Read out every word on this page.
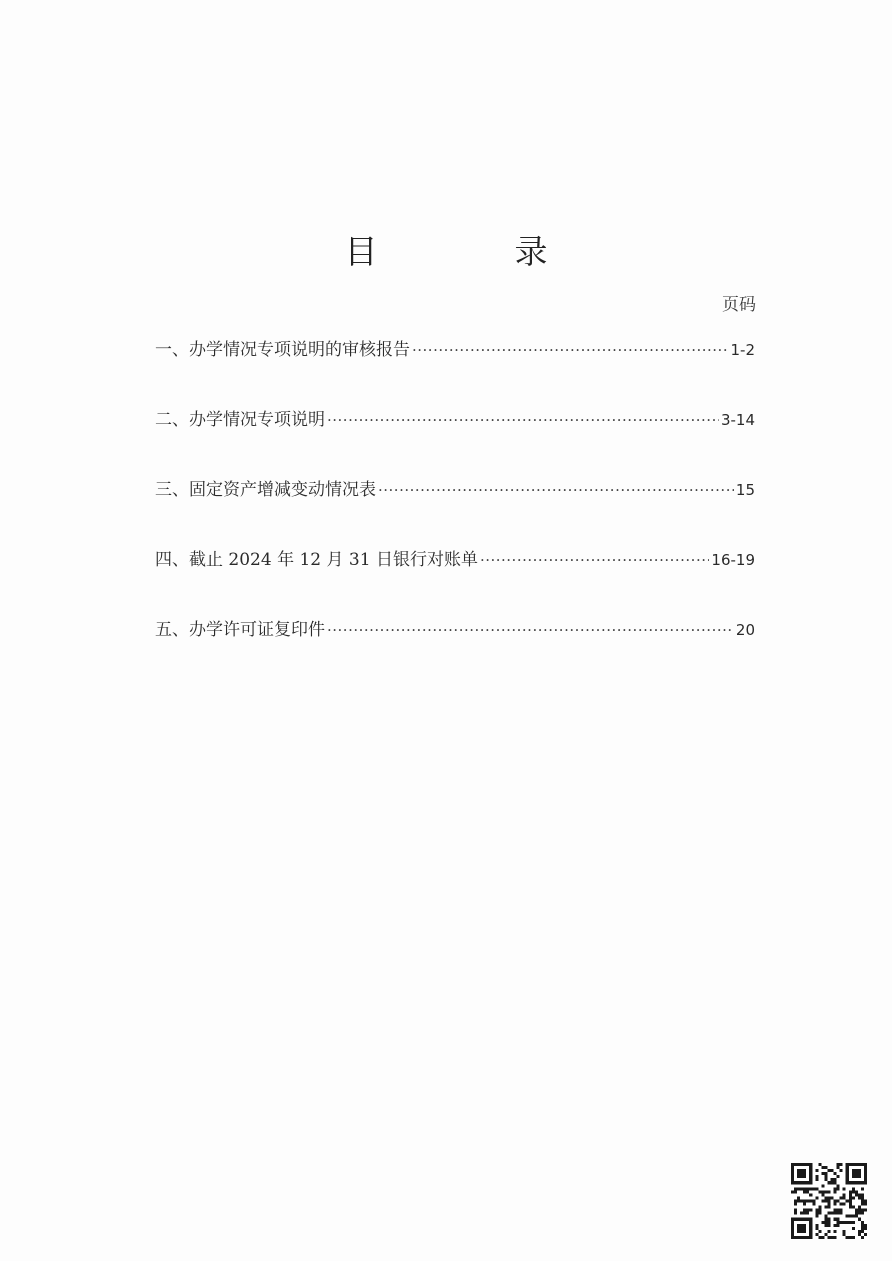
目　录
页码
一、办学情况专项说明的审核报告 ·····	1-2
二、办学情况专项说明 ·····	3-14
三、固定资产增减变动情况表 ·····	15
四、截止 2024 年 12 月 31 日银行对账单 ·····	16-19
五、办学许可证复印件 ·····	20
